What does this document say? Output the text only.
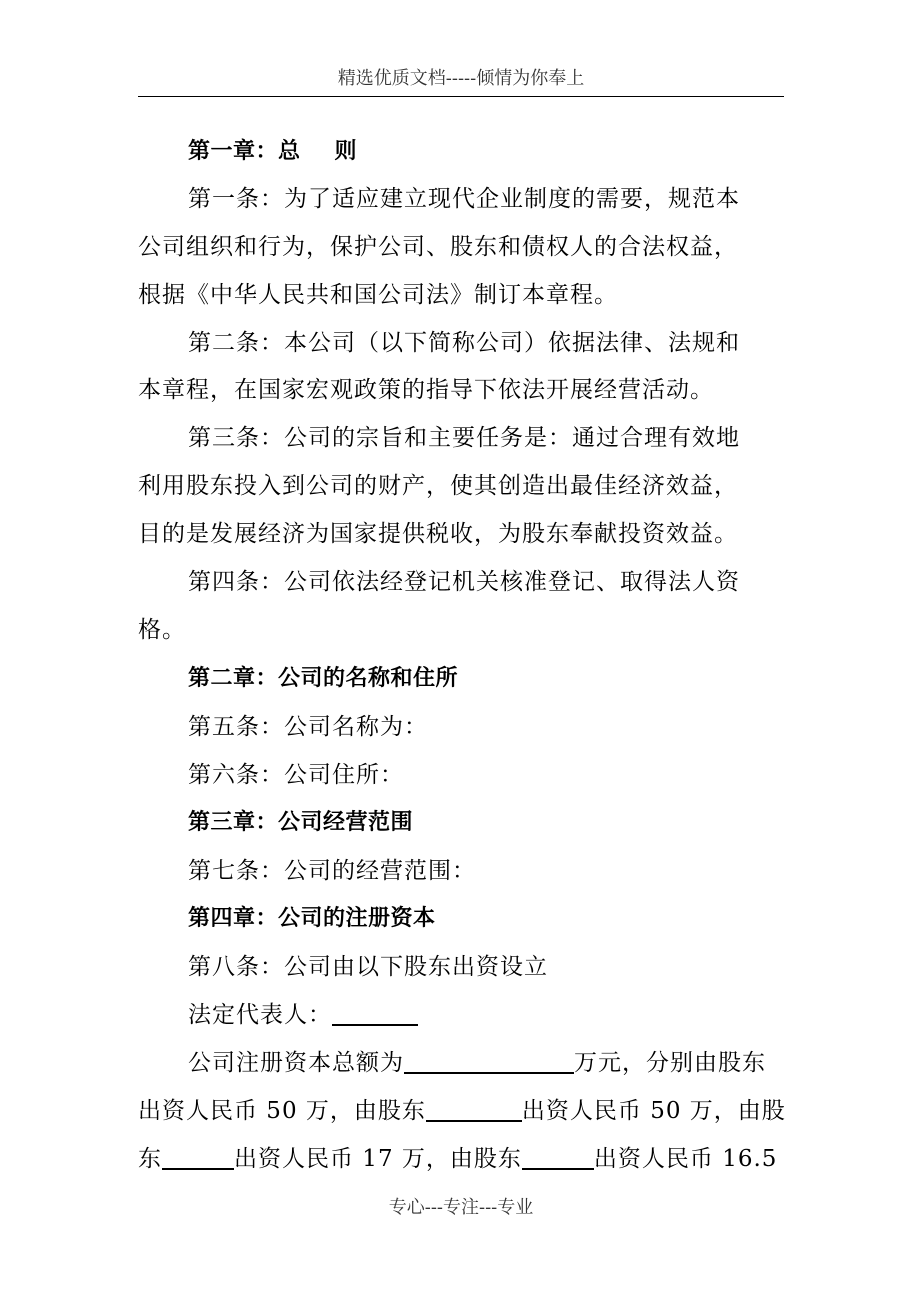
精选优质文档-----倾情为你奉上
第一章：总 则
第一条：为了适应建立现代企业制度的需要，规范本
公司组织和行为，保护公司、股东和债权人的合法权益，
根据《中华人民共和国公司法》制订本章程。
第二条：本公司（以下简称公司）依据法律、法规和
本章程，在国家宏观政策的指导下依法开展经营活动。
第三条：公司的宗旨和主要任务是：通过合理有效地
利用股东投入到公司的财产，使其创造出最佳经济效益，
目的是发展经济为国家提供税收，为股东奉献投资效益。
第四条：公司依法经登记机关核准登记、取得法人资
格。
第二章：公司的名称和住所
第五条：公司名称为：
第六条：公司住所：
第三章：公司经营范围
第七条：公司的经营范围：
第四章：公司的注册资本
第八条：公司由以下股东出资设立
法定代表人：
公司注册资本总额为	万元，分别由股东
出资人民币 50 万，由股东	出资人民币 50 万，由股
东	出资人民币 17 万，由股东	出资人民币 16.5
专心---专注---专业
